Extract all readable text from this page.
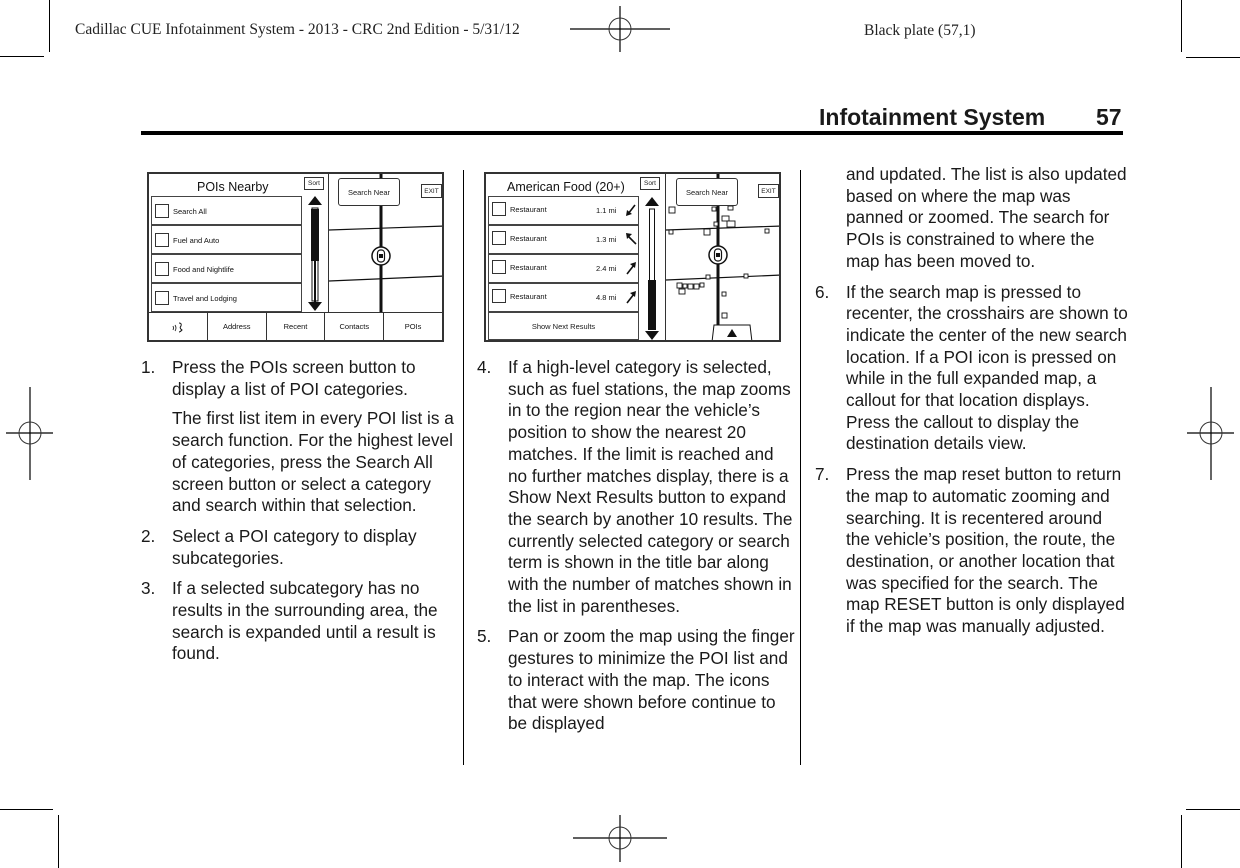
Cadillac CUE Infotainment System - 2013 - CRC 2nd Edition - 5/31/12	Black plate (57,1)
Infotainment System 57
POIs Nearby	Sort
Search All
Fuel and Auto
Food and Nightlife
Travel and Lodging
Search Near	EXIT
Address	Recent	Contacts	POIs
American Food (20+)	Sort
Restaurant	1.1 mi
Restaurant	1.3 mi
Restaurant	2.4 mi
Restaurant	4.8 mi
Show Next Results
Search Near	EXIT
1. Press the POIs screen button to display a list of POI categories.

The first list item in every POI list is a search function. For the highest level of categories, press the Search All screen button or select a category and search within that selection.

2. Select a POI category to display subcategories.

3. If a selected subcategory has no results in the surrounding area, the search is expanded until a result is found.

4. If a high-level category is selected, such as fuel stations, the map zooms in to the region near the vehicle’s position to show the nearest 20 matches. If the limit is reached and no further matches display, there is a Show Next Results button to expand the search by another 10 results. The currently selected category or search term is shown in the title bar along with the number of matches shown in the list in parentheses.

5. Pan or zoom the map using the finger gestures to minimize the POI list and to interact with the map. The icons that were shown before continue to be displayed

and updated. The list is also updated based on where the map was panned or zoomed. The search for POIs is constrained to where the map has been moved to.

6. If the search map is pressed to recenter, the crosshairs are shown to indicate the center of the new search location. If a POI icon is pressed on while in the full expanded map, a callout for that location displays. Press the callout to display the destination details view.

7. Press the map reset button to return the map to automatic zooming and searching. It is recentered around the vehicle’s position, the route, the destination, or another location that was specified for the search. The map RESET button is only displayed if the map was manually adjusted.
